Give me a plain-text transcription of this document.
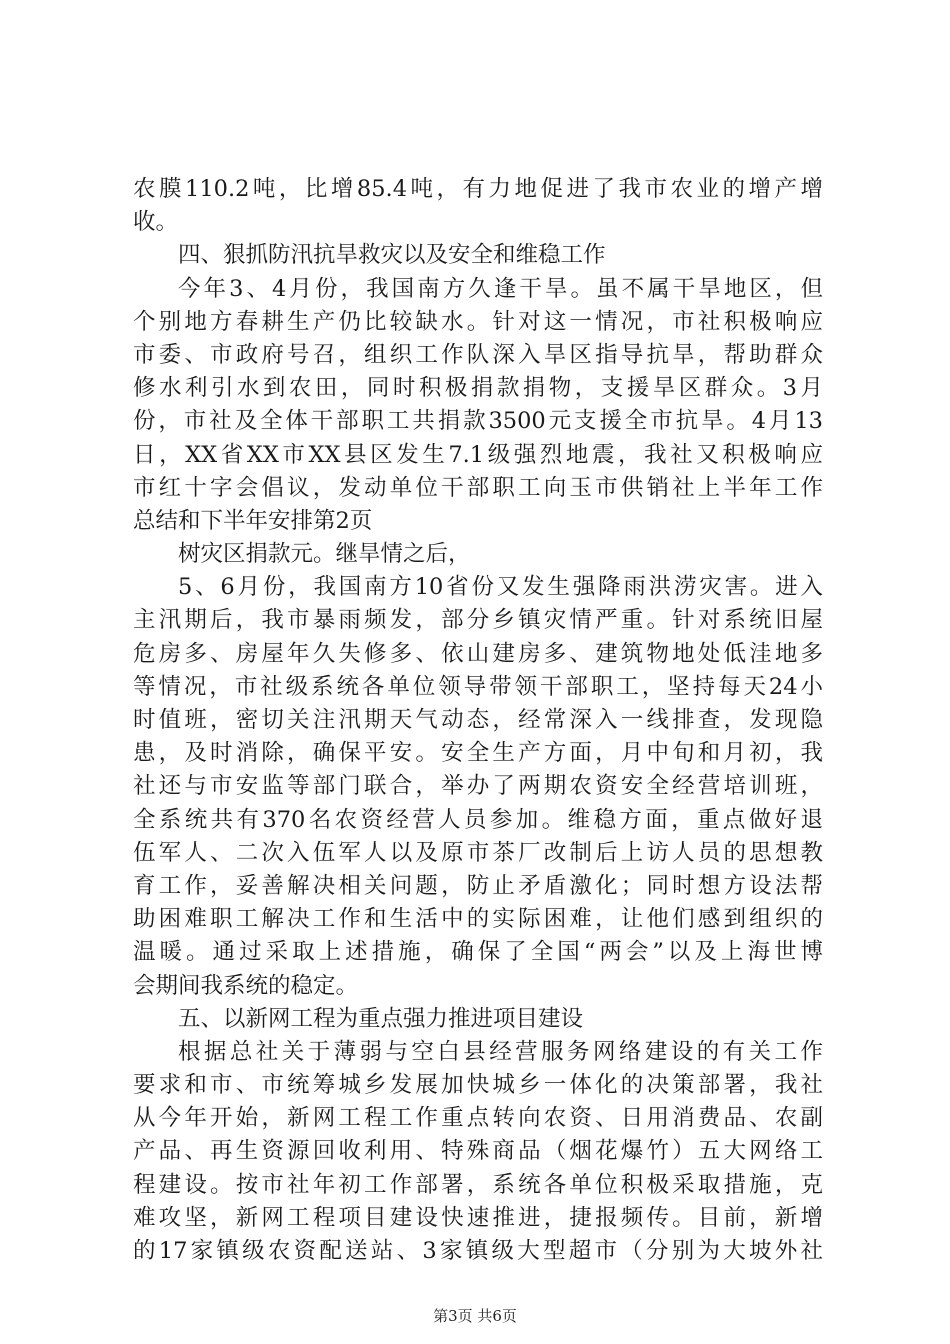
农膜110.2吨，比增85.4吨，有力地促进了我市农业的增产增
收。
四、狠抓防汛抗旱救灾以及安全和维稳工作
今年3、4月份，我国南方久逢干旱。虽不属干旱地区，但
个别地方春耕生产仍比较缺水。针对这一情况，市社积极响应
市委、市政府号召，组织工作队深入旱区指导抗旱，帮助群众
修水利引水到农田，同时积极捐款捐物，支援旱区群众。3月
份，市社及全体干部职工共捐款3500元支援全市抗旱。4月13
日，XX省XX市XX县区发生7.1级强烈地震，我社又积极响应
市红十字会倡议，发动单位干部职工向玉市供销社上半年工作
总结和下半年安排第2页
树灾区捐款元。继旱情之后，
5、6月份，我国南方10省份又发生强降雨洪涝灾害。进入
主汛期后，我市暴雨频发，部分乡镇灾情严重。针对系统旧屋
危房多、房屋年久失修多、依山建房多、建筑物地处低洼地多
等情况，市社级系统各单位领导带领干部职工，坚持每天24小
时值班，密切关注汛期天气动态，经常深入一线排查，发现隐
患，及时消除，确保平安。安全生产方面，月中旬和月初，我
社还与市安监等部门联合，举办了两期农资安全经营培训班，
全系统共有370名农资经营人员参加。维稳方面，重点做好退
伍军人、二次入伍军人以及原市茶厂改制后上访人员的思想教
育工作，妥善解决相关问题，防止矛盾激化；同时想方设法帮
助困难职工解决工作和生活中的实际困难，让他们感到组织的
温暖。通过采取上述措施，确保了全国“两会”以及上海世博
会期间我系统的稳定。
五、以新网工程为重点强力推进项目建设
根据总社关于薄弱与空白县经营服务网络建设的有关工作
要求和市、市统筹城乡发展加快城乡一体化的决策部署，我社
从今年开始，新网工程工作重点转向农资、日用消费品、农副
产品、再生资源回收利用、特殊商品（烟花爆竹）五大网络工
程建设。按市社年初工作部署，系统各单位积极采取措施，克
难攻坚，新网工程项目建设快速推进，捷报频传。目前，新增
的17家镇级农资配送站、3家镇级大型超市（分别为大坡外社
第3页 共6页
